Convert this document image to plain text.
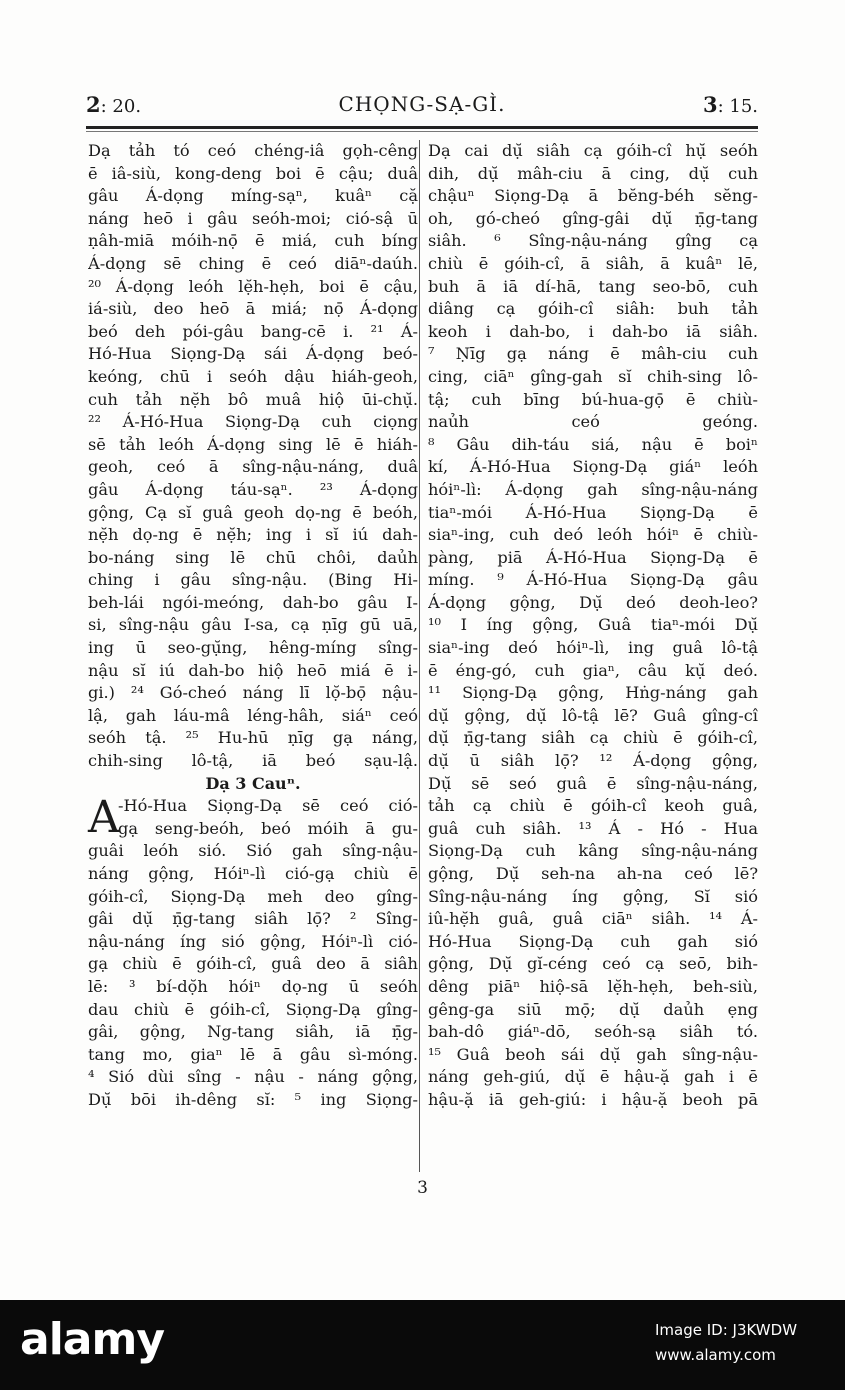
2: 20.	CHỌNG-SẠ-GÌ.	3: 15.
Dạ tảh tó ceó chéng-iâ gọh-cêng
ē iâ-siù, kong-deng boi ē cậu; duâ
gâu Á-dọng míng-sạⁿ, kuâⁿ cặ
náng heō i gâu seóh-moi; ció-sậ ū
ṇâh-miā móih-nọ̄ ē miá, cuh bíng
Á-dọng sē ching ē ceó diāⁿ-daúh.
²⁰ Á-dọng leóh lẹ̆h-hẹh, boi ē cậu,
iá-siù, deo heō ā miá; nọ̄ Á-dọng
beó deh pói-gâu bang-cē i. ²¹ Á-
Hó-Hua Siọng-Dạ sái Á-dọng beó-
keóng, chū i seóh dậu hiáh-geoh,
cuh tảh nẹ̆h bô muâ hiộ ūi-chụ̆.
²² Á-Hó-Hua Siọng-Dạ cuh ciọng
sē tảh leóh Á-dọng sing lē ē hiáh-
geoh, ceó ā sîng-nậu-náng, duâ
gâu Á-dọng táu-sạⁿ. ²³ Á-dọng
gộng, Cạ sĭ guâ geoh dọ-ng ē beóh,
nẹ̆h dọ-ng ē nẹ̆h; ing i sĭ iú dah-
bo-náng sing lē chū chôi, daủh
ching i gâu sîng-nậu. (Bing Hi-
beh-lái ngói-meóng, dah-bo gâu I-
si, sîng-nậu gâu I-sa, cạ ṇīg gū uā,
ing ū seo-gụ̆ng, hêng-míng sîng-
nậu sĭ iú dah-bo hiộ heō miá ē i-
gi.) ²⁴ Gó-cheó náng lī lọ̆-bọ̄ nậu-
lậ, gah láu-mâ léng-hâh, siáⁿ ceó
seóh tậ. ²⁵ Hu-hū ṇīg gạ náng,
chih-sing lô-tậ, iā beó sạu-lậ.
Dạ 3 Cauⁿ.
A
-Hó-Hua Siọng-Dạ sē ceó ció-
gạ seng-beóh, beó móih ā gu-
guâi leóh sió. Sió gah sîng-nậu-
náng gộng, Hóiⁿ-lì ció-gạ chiù ē
góih-cî, Siọng-Dạ meh deo gîng-
gâi dụ̆ ṇ̄g-tang siâh lọ̄? ² Sîng-
nậu-náng íng sió gộng, Hóiⁿ-lì ció-
gạ chiù ē góih-cî, guâ deo ā siâh
lē: ³ bí-dọ̆h hóiⁿ dọ-ng ū seóh
dau chiù ē góih-cî, Siọng-Dạ gîng-
gâi, gộng, Ng-tang siâh, iā ṇ̄g-
tang mo, giaⁿ lē ā gâu sì-móng.
⁴ Sió dùi sîng - nậu - náng gộng,
Dụ̆ bōi ih-dêng sĭ: ⁵ ing Siọng-
Dạ cai dụ̆ siâh cạ góih-cî hụ̆ seóh
dih, dụ̆ mâh-ciu ā cing, dụ̆ cuh
chậuⁿ Siọng-Dạ ā bĕng-béh sĕng-
oh, gó-cheó gîng-gâi dụ̆ ṇ̄g-tang
siâh. ⁶ Sîng-nậu-náng gîng cạ
chiù ē góih-cî, ā siâh, ā kuâⁿ lē,
buh ā iā dí-hā, tang seo-bō, cuh
diâng cạ góih-cî siâh: buh tảh
keoh i dah-bo, i dah-bo iā siâh.
⁷ Ṇīg gạ náng ē mâh-ciu cuh
cing, ciāⁿ gîng-gah sĭ chih-sing lô-
tậ; cuh bīng bú-hua-gọ̄ ē chiù-
naủh ceó geóng.
⁸ Gâu dih-táu siá, nậu ē boiⁿ
kí, Á-Hó-Hua Siọng-Dạ giáⁿ leóh
hóiⁿ-lì: Á-dọng gah sîng-nậu-náng
tiaⁿ-mói Á-Hó-Hua Siọng-Dạ ē
siaⁿ-ing, cuh deó leóh hóiⁿ ē chiù-
pàng, piā Á-Hó-Hua Siọng-Dạ ē
míng. ⁹ Á-Hó-Hua Siọng-Dạ gâu
Á-dọng gộng, Dụ̆ deó deoh-leo?
¹⁰ I íng gộng, Guâ tiaⁿ-mói Dụ̆
siaⁿ-ing deó hóiⁿ-lì, ing guâ lô-tậ
ē éng-gó, cuh giaⁿ, câu kụ̆ deó.
¹¹ Siọng-Dạ gộng, Hṅg-náng gah
dụ̆ gộng, dụ̆ lô-tậ lē? Guâ gîng-cî
dụ̆ ṇ̄g-tang siâh cạ chiù ē góih-cî,
dụ̆ ū siâh lọ̄? ¹² Á-dọng gộng,
Dụ̆ sē seó guâ ē sîng-nậu-náng,
tảh cạ chiù ē góih-cî keoh guâ,
guâ cuh siâh. ¹³ Á - Hó - Hua
Siọng-Dạ cuh kâng sîng-nậu-náng
gộng, Dụ̆ seh-na ah-na ceó lē?
Sîng-nậu-náng íng gộng, Sĭ sió
iû-hẹ̆h guâ, guâ ciāⁿ siâh. ¹⁴ Á-
Hó-Hua Siọng-Dạ cuh gah sió
gộng, Dụ̆ gĭ-céng ceó cạ seō, bih-
dêng piāⁿ hiộ-sā lẹ̆h-hẹh, beh-siù,
gêng-ga siū mọ̄; dụ̆ daủh ẹng
bah-dô giáⁿ-dō, seóh-sạ siâh tó.
¹⁵ Guâ beoh sái dụ̆ gah sîng-nậu-
náng geh-giú, dụ̆ ē hậu-ặ gah i ē
hậu-ặ iā geh-giú: i hậu-ặ beoh pā
3
alamy	Image ID: J3KWDW
www.alamy.com
